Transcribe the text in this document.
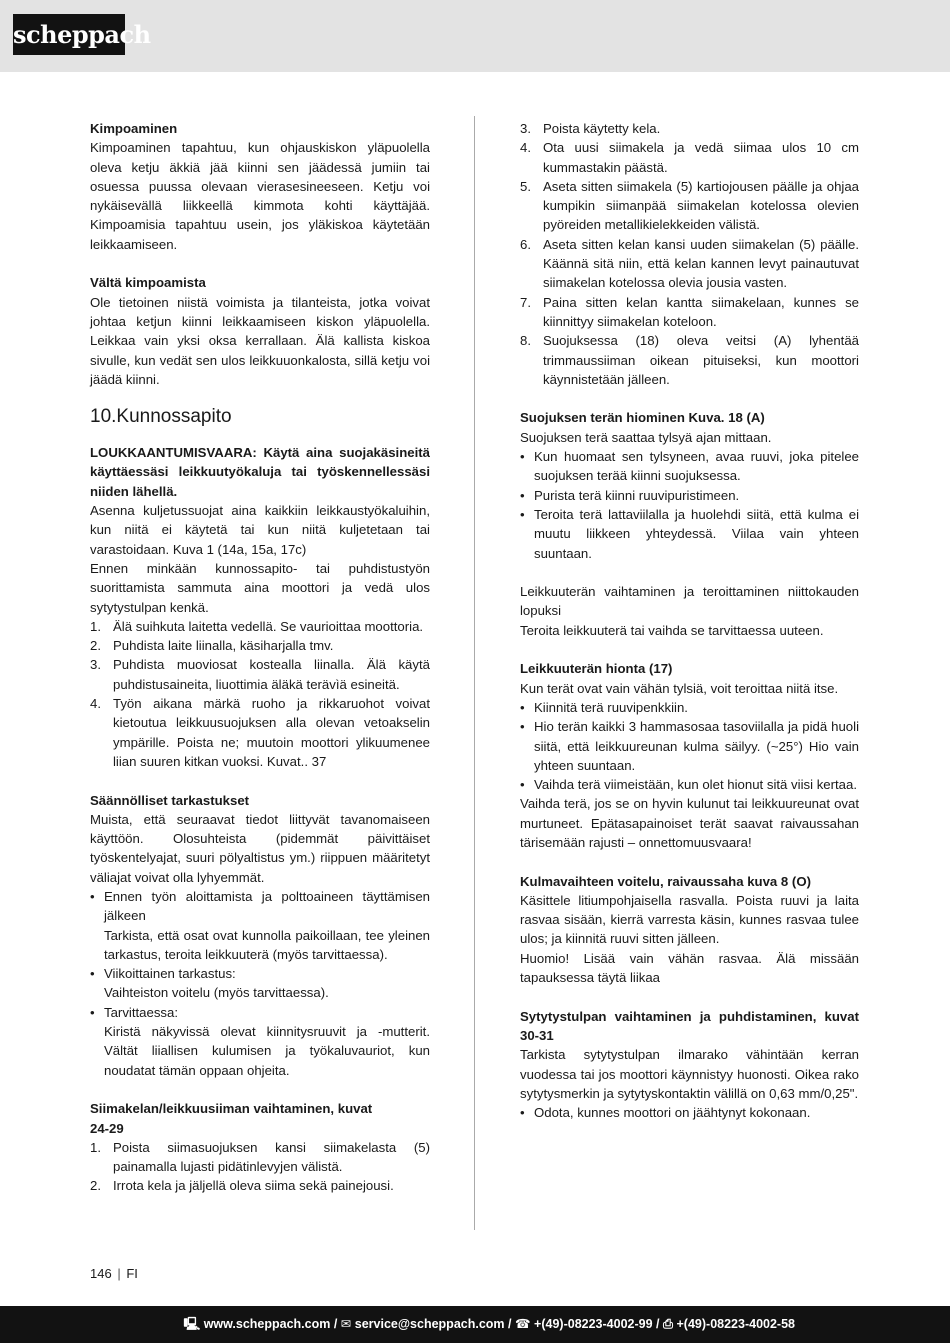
scheppach

Kimpoaminen

Kimpoaminen tapahtuu, kun ohjauskiskon yläpuolella oleva ketju äkkiä jää kiinni sen jäädessä jumiin tai osuessa puussa olevaan vierasesineeseen. Ketju voi nykäisevällä liikkeellä kimmota kohti käyttäjää. Kimpoamisia tapahtuu usein, jos yläkiskoa käytetään leikkaamiseen.

Vältä kimpoamista

Ole tietoinen niistä voimista ja tilanteista, jotka voivat johtaa ketjun kiinni leikkaamiseen kiskon yläpuolella. Leikkaa vain yksi oksa kerrallaan. Älä kallista kiskoa sivulle, kun vedät sen ulos leikkuuonkalosta, sillä ketju voi jäädä kiinni.

10.Kunnossapito

LOUKKAANTUMISVAARA: Käytä aina suojakäsineitä käyttäessäsi leikkuutyökaluja tai työskennellessäsi niiden lähellä.

Asenna kuljetussuojat aina kaikkiin leikkaustyökaluihin, kun niitä ei käytetä tai kun niitä kuljetetaan tai varastoidaan. Kuva 1 (14a, 15a, 17c)

Ennen minkään kunnossapito- tai puhdistustyön suorittamista sammuta aina moottori ja vedä ulos sytytystulpan kenkä.

1. Älä suihkuta laitetta vedellä. Se vaurioittaa moottoria.
2. Puhdista laite liinalla, käsiharjalla tmv.
3. Puhdista muoviosat kostealla liinalla. Älä käytä puhdistusaineita, liuottimia äläkä terävìä esineitä.
4. Työn aikana märkä ruoho ja rikkaruohot voivat kietoutua leikkuusuojuksen alla olevan vetoakselin ympärille. Poista ne; muutoin moottori ylikuumenee liian suuren kitkan vuoksi. Kuvat.. 37

Säännölliset tarkastukset

Muista, että seuraavat tiedot liittyvät tavanomaiseen käyttöön. Olosuhteista (pidemmät päivittäiset työskentelyajat, suuri pölyaltistus ym.) riippuen määritetyt väliajat voivat olla lyhyemmät.

• Ennen työn aloittamista ja polttoaineen täyttämisen jälkeen
Tarkista, että osat ovat kunnolla paikoillaan, tee yleinen tarkastus, teroita leikkuuterä (myös tarvittaessa).
• Viikoittainen tarkastus:
Vaihteiston voitelu (myös tarvittaessa).
• Tarvittaessa:
Kiristä näkyvissä olevat kiinnitysruuvit ja -mutterit. Vältät liiallisen kulumisen ja työkaluvauriot, kun noudatat tämän oppaan ohjeita.

Siimakelan/leikkuusiiman vaihtaminen, kuvat 24-29

1. Poista siimasuojuksen kansi siimakelasta (5) painamalla lujasti pidätinlevyjen välistä.
2. Irrota kela ja jäljellä oleva siima sekä painejousi.
3. Poista käytetty kela.
4. Ota uusi siimakela ja vedä siimaa ulos 10 cm kummastakin päästä.
5. Aseta sitten siimakela (5) kartiojousen päälle ja ohjaa kumpikin siimanpää siimakelan kotelossa olevien pyöreiden metallikielekkeiden välistä.
6. Aseta sitten kelan kansi uuden siimakelan (5) päälle. Käännä sitä niin, että kelan kannen levyt painautuvat siimakelan kotelossa olevia jousia vasten.
7. Paina sitten kelan kantta siimakelaan, kunnes se kiinnittyy siimakelan koteloon.
8. Suojuksessa (18) oleva veitsi (A) lyhentää trimmaussiiman oikean pituiseksi, kun moottori käynnistetään jälleen.

Suojuksen terän hiominen Kuva. 18 (A)

Suojuksen terä saattaa tylsyä ajan mittaan.

• Kun huomaat sen tylsyneen, avaa ruuvi, joka pitelee suojuksen terää kiinni suojuksessa.
• Purista terä kiinni ruuvipuristimeen.
• Teroita terä lattaviilalla ja huolehdi siitä, että kulma ei muutu liikkeen yhteydessä. Viilaa vain yhteen suuntaan.

Leikkuuterän vaihtaminen ja teroittaminen niittokauden lopuksi

Teroita leikkuuterä tai vaihda se tarvittaessa uuteen.

Leikkuuterän hionta (17)

Kun terät ovat vain vähän tylsiä, voit teroittaa niitä itse.

• Kiinnitä terä ruuvipenkkiin.
• Hio terän kaikki 3 hammasosaa tasoviilalla ja pidä huoli siitä, että leikkuureunan kulma säilyy. (~25°) Hio vain yhteen suuntaan.
• Vaihda terä viimeistään, kun olet hionut sitä viisi kertaa.

Vaihda terä, jos se on hyvin kulunut tai leikkuureunat ovat murtuneet. Epätasapainoiset terät saavat raivaussahan tärisemään rajusti – onnettomuusvaara!

Kulmavaihteen voitelu, raivaussaha kuva 8 (O)

Käsittele litiumpohjaisella rasvalla. Poista ruuvi ja laita rasvaa sisään, kierrä varresta käsin, kunnes rasvaa tulee ulos; ja kiinnitä ruuvi sitten jälleen.

Huomio! Lisää vain vähän rasvaa. Älä missään tapauksessa täytä liikaa

Sytytystulpan vaihtaminen ja puhdistaminen, kuvat 30-31

Tarkista sytytystulpan ilmarako vähintään kerran vuodessa tai jos moottori käynnistyy huonosti. Oikea rako sytytysmerkin ja sytytyskontaktin välillä on 0,63 mm/0,25".

• Odota, kunnes moottori on jäähtynyt kokonaan.
146 | FI
🖳 www.scheppach.com / ✉ service@scheppach.com / ☎ +(49)-08223-4002-99 / ⎙ +(49)-08223-4002-58
